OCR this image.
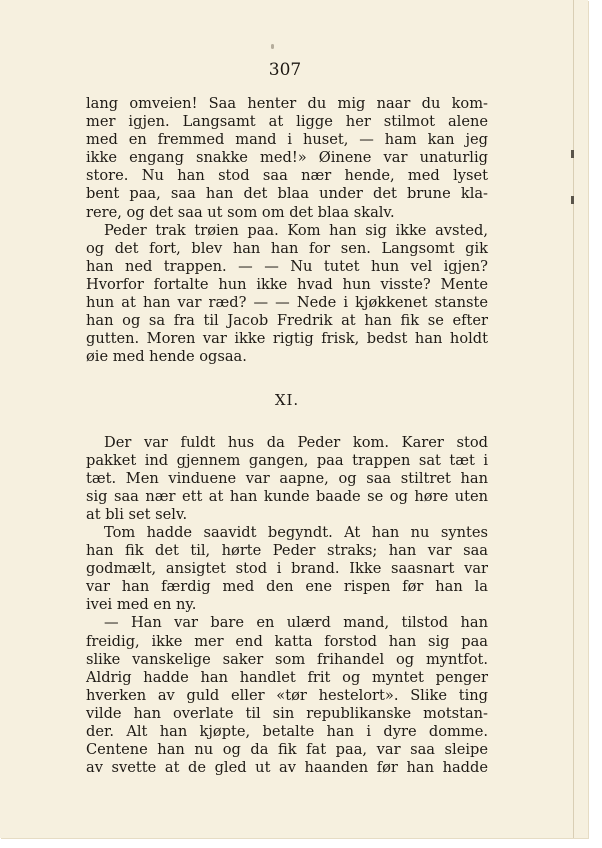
307
lang omveien! Saa henter du mig naar du kom-
mer igjen. Langsamt at ligge her stilmot alene
med en fremmed mand i huset, — ham kan jeg
ikke engang snakke med!» Øinene var unaturlig
store. Nu han stod saa nær hende, med lyset
bent paa, saa han det blaa under det brune kla-
rere, og det saa ut som om det blaa skalv.
Peder trak trøien paa. Kom han sig ikke avsted,
og det fort, blev han han for sen. Langsomt gik
han ned trappen. — — Nu tutet hun vel igjen?
Hvorfor fortalte hun ikke hvad hun visste? Mente
hun at han var ræd? — — Nede i kjøkkenet stanste
han og sa fra til Jacob Fredrik at han fik se efter
gutten. Moren var ikke rigtig frisk, bedst han holdt
øie med hende ogsaa.
XI.
Der var fuldt hus da Peder kom. Karer stod
pakket ind gjennem gangen, paa trappen sat tæt i
tæt. Men vinduene var aapne, og saa stiltret han
sig saa nær ett at han kunde baade se og høre uten
at bli set selv.
Tom hadde saavidt begyndt. At han nu syntes
han fik det til, hørte Peder straks; han var saa
godmælt, ansigtet stod i brand. Ikke saasnart var
var han færdig med den ene rispen før han la
ivei med en ny.
— Han var bare en ulærd mand, tilstod han
freidig, ikke mer end katta forstod han sig paa
slike vanskelige saker som frihandel og myntfot.
Aldrig hadde han handlet frit og myntet penger
hverken av guld eller «tør hestelort». Slike ting
vilde han overlate til sin republikanske motstan-
der. Alt han kjøpte, betalte han i dyre domme.
Centene han nu og da fik fat paa, var saa sleipe
av svette at de gled ut av haanden før han hadde
